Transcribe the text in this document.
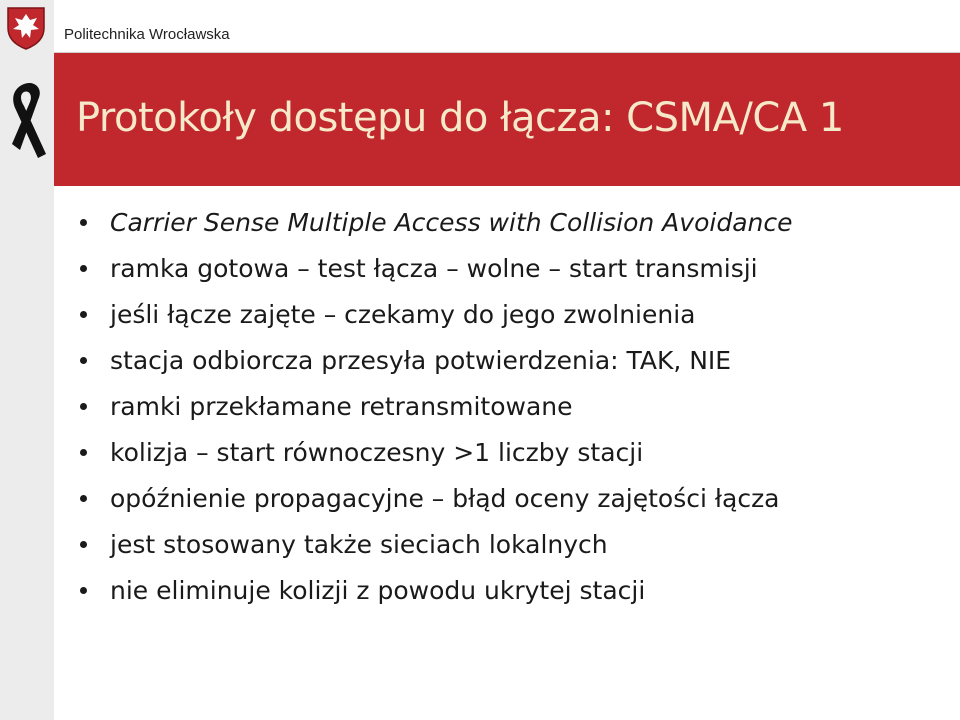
Politechnika Wrocławska
Protokoły dostępu do łącza: CSMA/CA 1
Carrier Sense Multiple Access with Collision Avoidance
ramka gotowa – test łącza – wolne – start transmisji
jeśli łącze zajęte – czekamy do jego zwolnienia
stacja odbiorcza przesyła potwierdzenia: TAK, NIE
ramki przekłamane retransmitowane
kolizja – start równoczesny >1 liczby stacji
opóźnienie propagacyjne – błąd oceny zajętości łącza
jest stosowany także sieciach lokalnych
nie eliminuje kolizji z powodu ukrytej stacji
